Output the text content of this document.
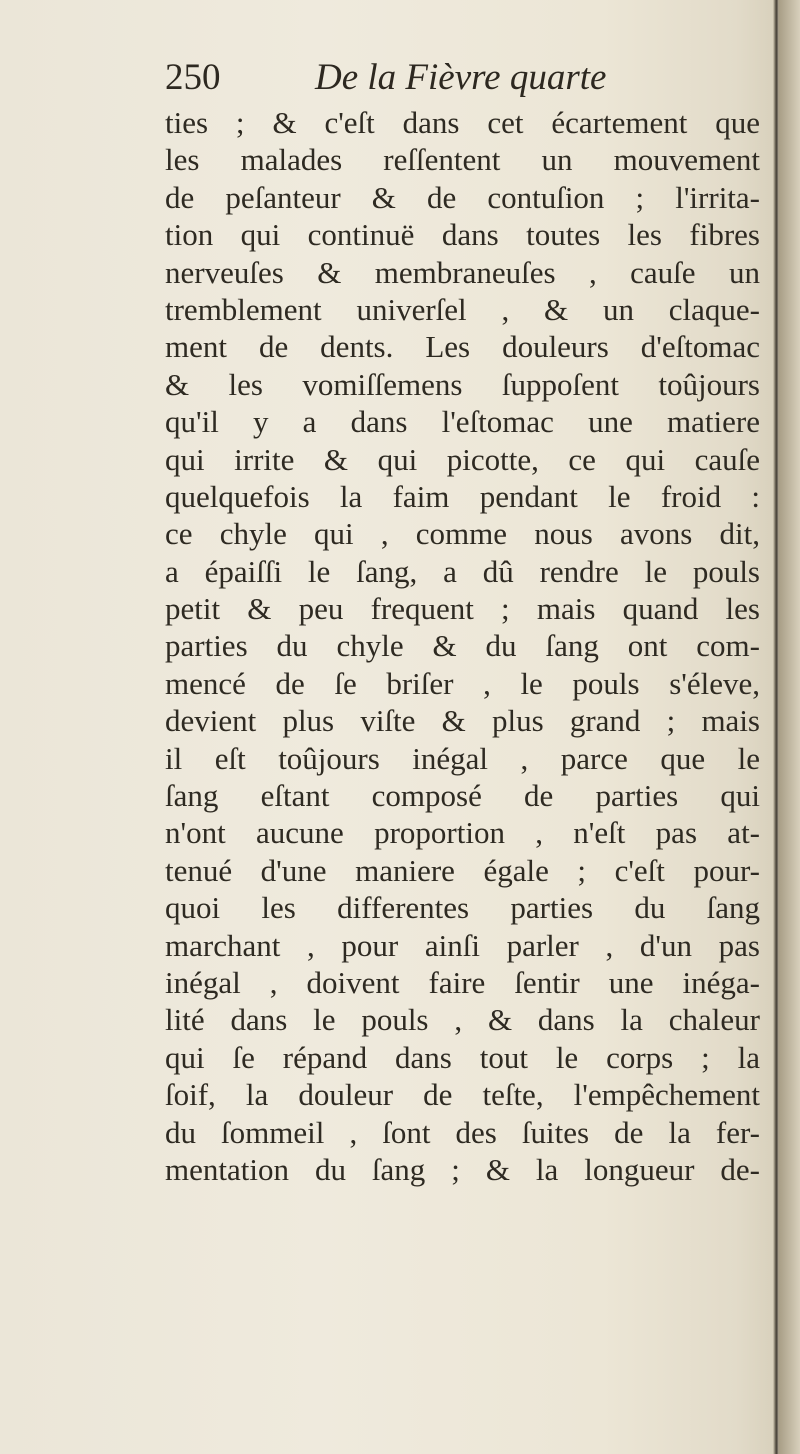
250	De la Fièvre quarte
ties ; & c'eſt dans cet écartement que
les malades reſſentent un mouvement
de peſanteur & de contuſion ; l'irrita-
tion qui continuë dans toutes les fibres
nerveuſes & membraneuſes , cauſe un
tremblement univerſel , & un claque-
ment de dents. Les douleurs d'eſtomac
& les vomiſſemens ſuppoſent toûjours
qu'il y a dans l'eſtomac une matiere
qui irrite & qui picotte, ce qui cauſe
quelquefois la faim pendant le froid :
ce chyle qui , comme nous avons dit,
a épaiſſi le ſang, a dû rendre le pouls
petit & peu frequent ; mais quand les
parties du chyle & du ſang ont com-
mencé de ſe briſer , le pouls s'éleve,
devient plus viſte & plus grand ; mais
il eſt toûjours inégal , parce que le
ſang eſtant composé de parties qui
n'ont aucune proportion , n'eſt pas at-
tenué d'une maniere égale ; c'eſt pour-
quoi les differentes parties du ſang
marchant , pour ainſi parler , d'un pas
inégal , doivent faire ſentir une inéga-
lité dans le pouls , & dans la chaleur
qui ſe répand dans tout le corps ; la
ſoif, la douleur de teſte, l'empêchement
du ſommeil , ſont des ſuites de la fer-
mentation du ſang ; & la longueur de-
